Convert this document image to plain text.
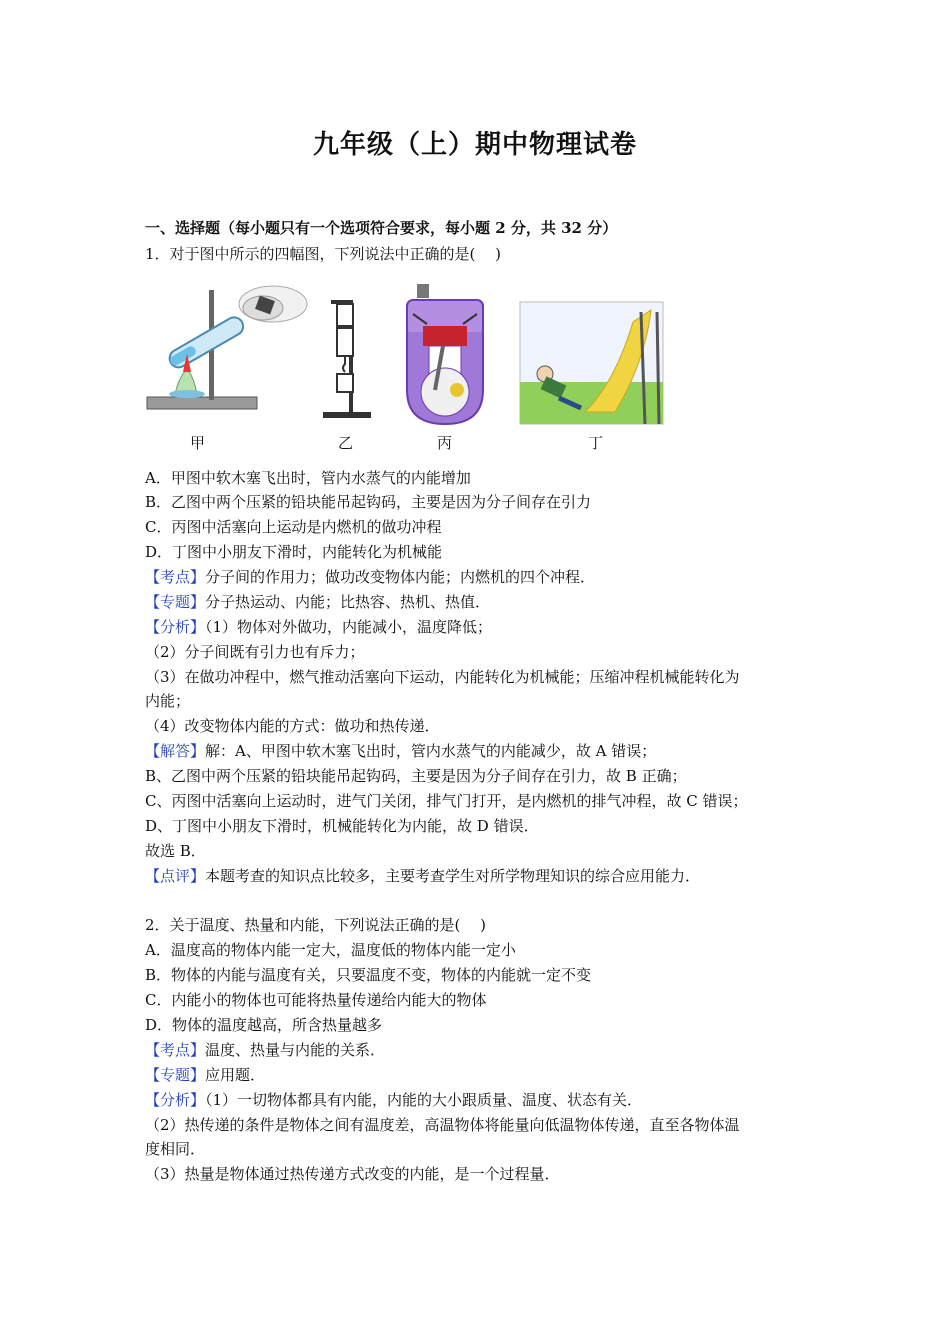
九年级（上）期中物理试卷
一、选择题（每小题只有一个选项符合要求，每小题 2 分，共 32 分）
1．对于图中所示的四幅图，下列说法中正确的是(　 )
甲	乙	丙	丁
A．甲图中软木塞飞出时，管内水蒸气的内能增加
B．乙图中两个压紧的铅块能吊起钩码，主要是因为分子间存在引力
C．丙图中活塞向上运动是内燃机的做功冲程
D．丁图中小朋友下滑时，内能转化为机械能
【考点】分子间的作用力；做功改变物体内能；内燃机的四个冲程．
【专题】分子热运动、内能；比热容、热机、热值．
【分析】（1）物体对外做功，内能减小，温度降低；
（2）分子间既有引力也有斥力；
（3）在做功冲程中，燃气推动活塞向下运动，内能转化为机械能；压缩冲程机械能转化为
内能；
（4）改变物体内能的方式：做功和热传递．
【解答】解：A、甲图中软木塞飞出时，管内水蒸气的内能减少，故 A 错误；
B、乙图中两个压紧的铅块能吊起钩码，主要是因为分子间存在引力，故 B 正确；
C、丙图中活塞向上运动时，进气门关闭，排气门打开，是内燃机的排气冲程，故 C 错误；
D、丁图中小朋友下滑时，机械能转化为内能，故 D 错误．
故选 B．
【点评】本题考查的知识点比较多，主要考查学生对所学物理知识的综合应用能力．
2．关于温度、热量和内能，下列说法正确的是(　 )
A．温度高的物体内能一定大，温度低的物体内能一定小
B．物体的内能与温度有关，只要温度不变，物体的内能就一定不变
C．内能小的物体也可能将热量传递给内能大的物体
D．物体的温度越高，所含热量越多
【考点】温度、热量与内能的关系．
【专题】应用题．
【分析】（1）一切物体都具有内能，内能的大小跟质量、温度、状态有关．
（2）热传递的条件是物体之间有温度差，高温物体将能量向低温物体传递，直至各物体温
度相同．
（3）热量是物体通过热传递方式改变的内能，是一个过程量．
